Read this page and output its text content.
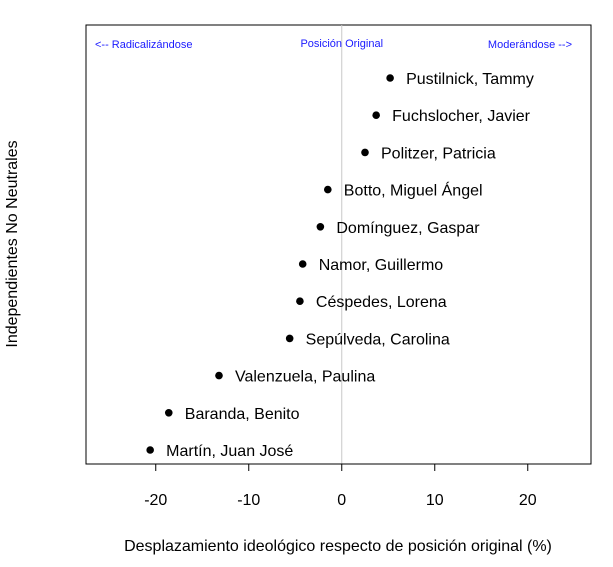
<-- Radicalizándose	Posición Original	Moderándose -->
-20	-10	0	10	20
Pustilnick, Tammy
Fuchslocher, Javier
Politzer, Patricia
Botto, Miguel Ángel
Domínguez, Gaspar
Namor, Guillermo
Céspedes, Lorena
Sepúlveda, Carolina
Valenzuela, Paulina
Baranda, Benito
Martín, Juan José
Desplazamiento ideológico respecto de posición original (%)
Independientes No Neutrales
